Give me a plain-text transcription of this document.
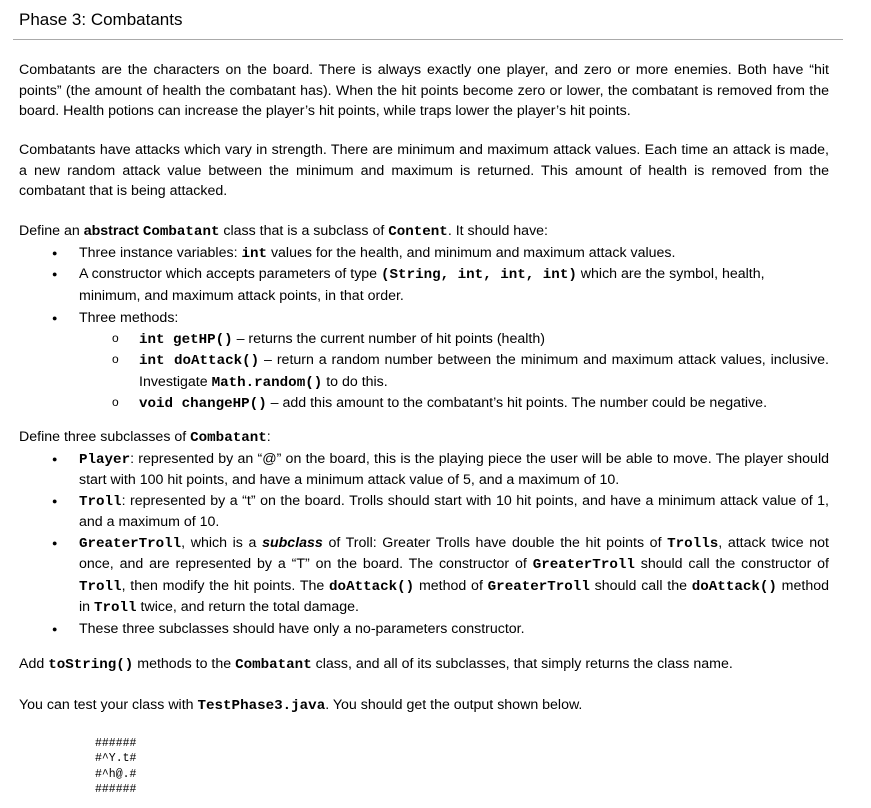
Phase 3: Combatants

Combatants are the characters on the board. There is always exactly one player, and zero or more enemies. Both have “hit points” (the amount of health the combatant has). When the hit points become zero or lower, the combatant is removed from the board. Health potions can increase the player’s hit points, while traps lower the player’s hit points.

Combatants have attacks which vary in strength. There are minimum and maximum attack values. Each time an attack is made, a new random attack value between the minimum and maximum is returned. This amount of health is removed from the combatant that is being attacked.

Define an abstract Combatant class that is a subclass of Content. It should have:

● Three instance variables: int values for the health, and minimum and maximum attack values.
● A constructor which accepts parameters of type (String, int, int, int) which are the symbol, health, minimum, and maximum attack points, in that order.
● Three methods:
o int getHP() – returns the current number of hit points (health)
o int doAttack() – return a random number between the minimum and maximum attack values, inclusive. Investigate Math.random() to do this.
o void changeHP() – add this amount to the combatant’s hit points. The number could be negative.

Define three subclasses of Combatant:

● Player: represented by an “@” on the board, this is the playing piece the user will be able to move. The player should start with 100 hit points, and have a minimum attack value of 5, and a maximum of 10.
● Troll: represented by a “t” on the board. Trolls should start with 10 hit points, and have a minimum attack value of 1, and a maximum of 10.
● GreaterTroll, which is a subclass of Troll: Greater Trolls have double the hit points of Trolls, attack twice not once, and are represented by a “T” on the board. The constructor of GreaterTroll should call the constructor of Troll, then modify the hit points. The doAttack() method of GreaterTroll should call the doAttack() method in Troll twice, and return the total damage.
● These three subclasses should have only a no-parameters constructor.

Add toString() methods to the Combatant class, and all of its subclasses, that simply returns the class name.

You can test your class with TestPhase3.java. You should get the output shown below.

######
#^Y.t#
#^h@.#
######
